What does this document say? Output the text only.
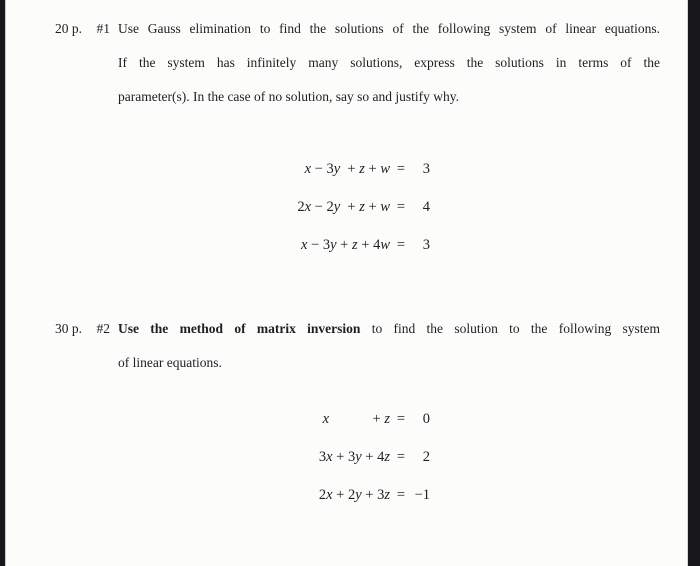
20 p. #1 Use Gauss elimination to find the solutions of the following system of linear equations.
If the system has infinitely many solutions, express the solutions in terms of the
parameter(s). In the case of no solution, say so and justify why.
x − 3y  + z + w =	3
2x − 2y  + z + w =	4
x − 3y + z + 4w =	3
30 p. #2 Use the method of matrix inversion to find the solution to the following system
of linear equations.
x            + z =	0
3x + 3y + 4z =	2
2x + 2y + 3z = −1
